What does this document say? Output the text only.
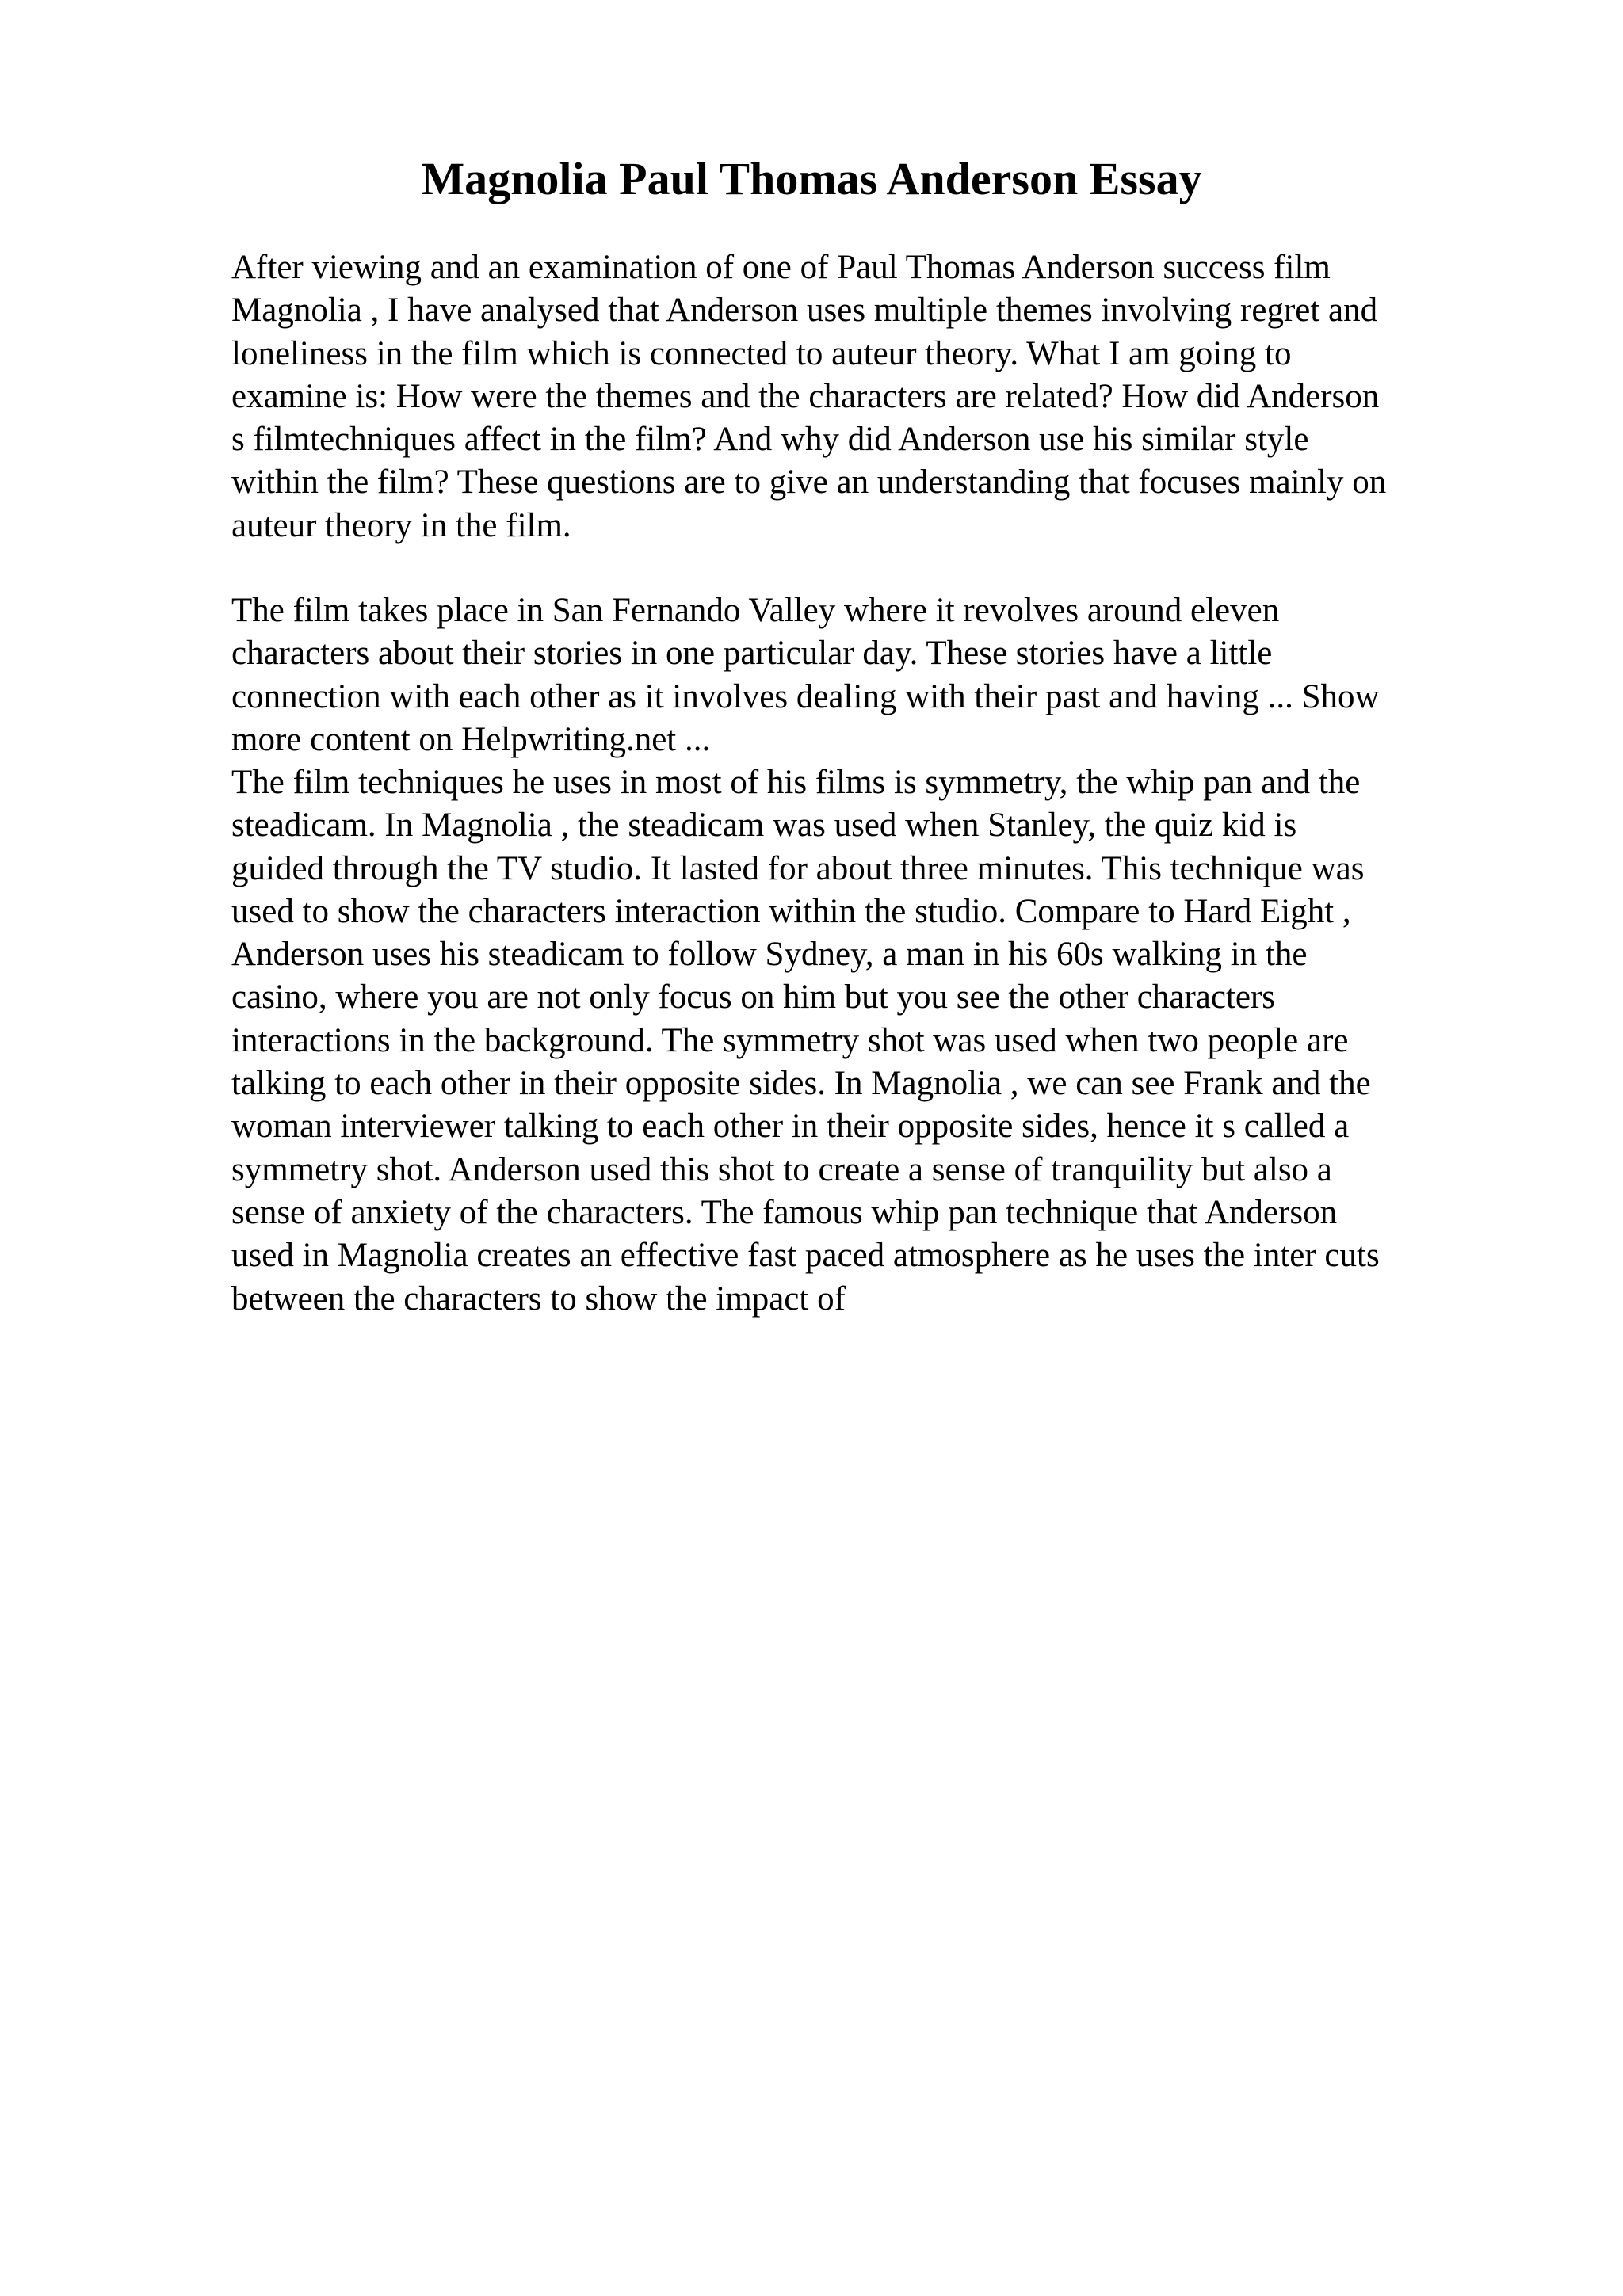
Magnolia Paul Thomas Anderson Essay

After viewing and an examination of one of Paul Thomas Anderson success film
Magnolia , I have analysed that Anderson uses multiple themes involving regret and
loneliness in the film which is connected to auteur theory. What I am going to
examine is: How were the themes and the characters are related? How did Anderson
s filmtechniques affect in the film? And why did Anderson use his similar style
within the film? These questions are to give an understanding that focuses mainly on
auteur theory in the film.

The film takes place in San Fernando Valley where it revolves around eleven
characters about their stories in one particular day. These stories have a little
connection with each other as it involves dealing with their past and having ... Show
more content on Helpwriting.net ...

The film techniques he uses in most of his films is symmetry, the whip pan and the
steadicam. In Magnolia , the steadicam was used when Stanley, the quiz kid is
guided through the TV studio. It lasted for about three minutes. This technique was
used to show the characters interaction within the studio. Compare to Hard Eight ,
Anderson uses his steadicam to follow Sydney, a man in his 60s walking in the
casino, where you are not only focus on him but you see the other characters
interactions in the background. The symmetry shot was used when two people are
talking to each other in their opposite sides. In Magnolia , we can see Frank and the
woman interviewer talking to each other in their opposite sides, hence it s called a
symmetry shot. Anderson used this shot to create a sense of tranquility but also a
sense of anxiety of the characters. The famous whip pan technique that Anderson
used in Magnolia creates an effective fast paced atmosphere as he uses the inter cuts
between the characters to show the impact of
